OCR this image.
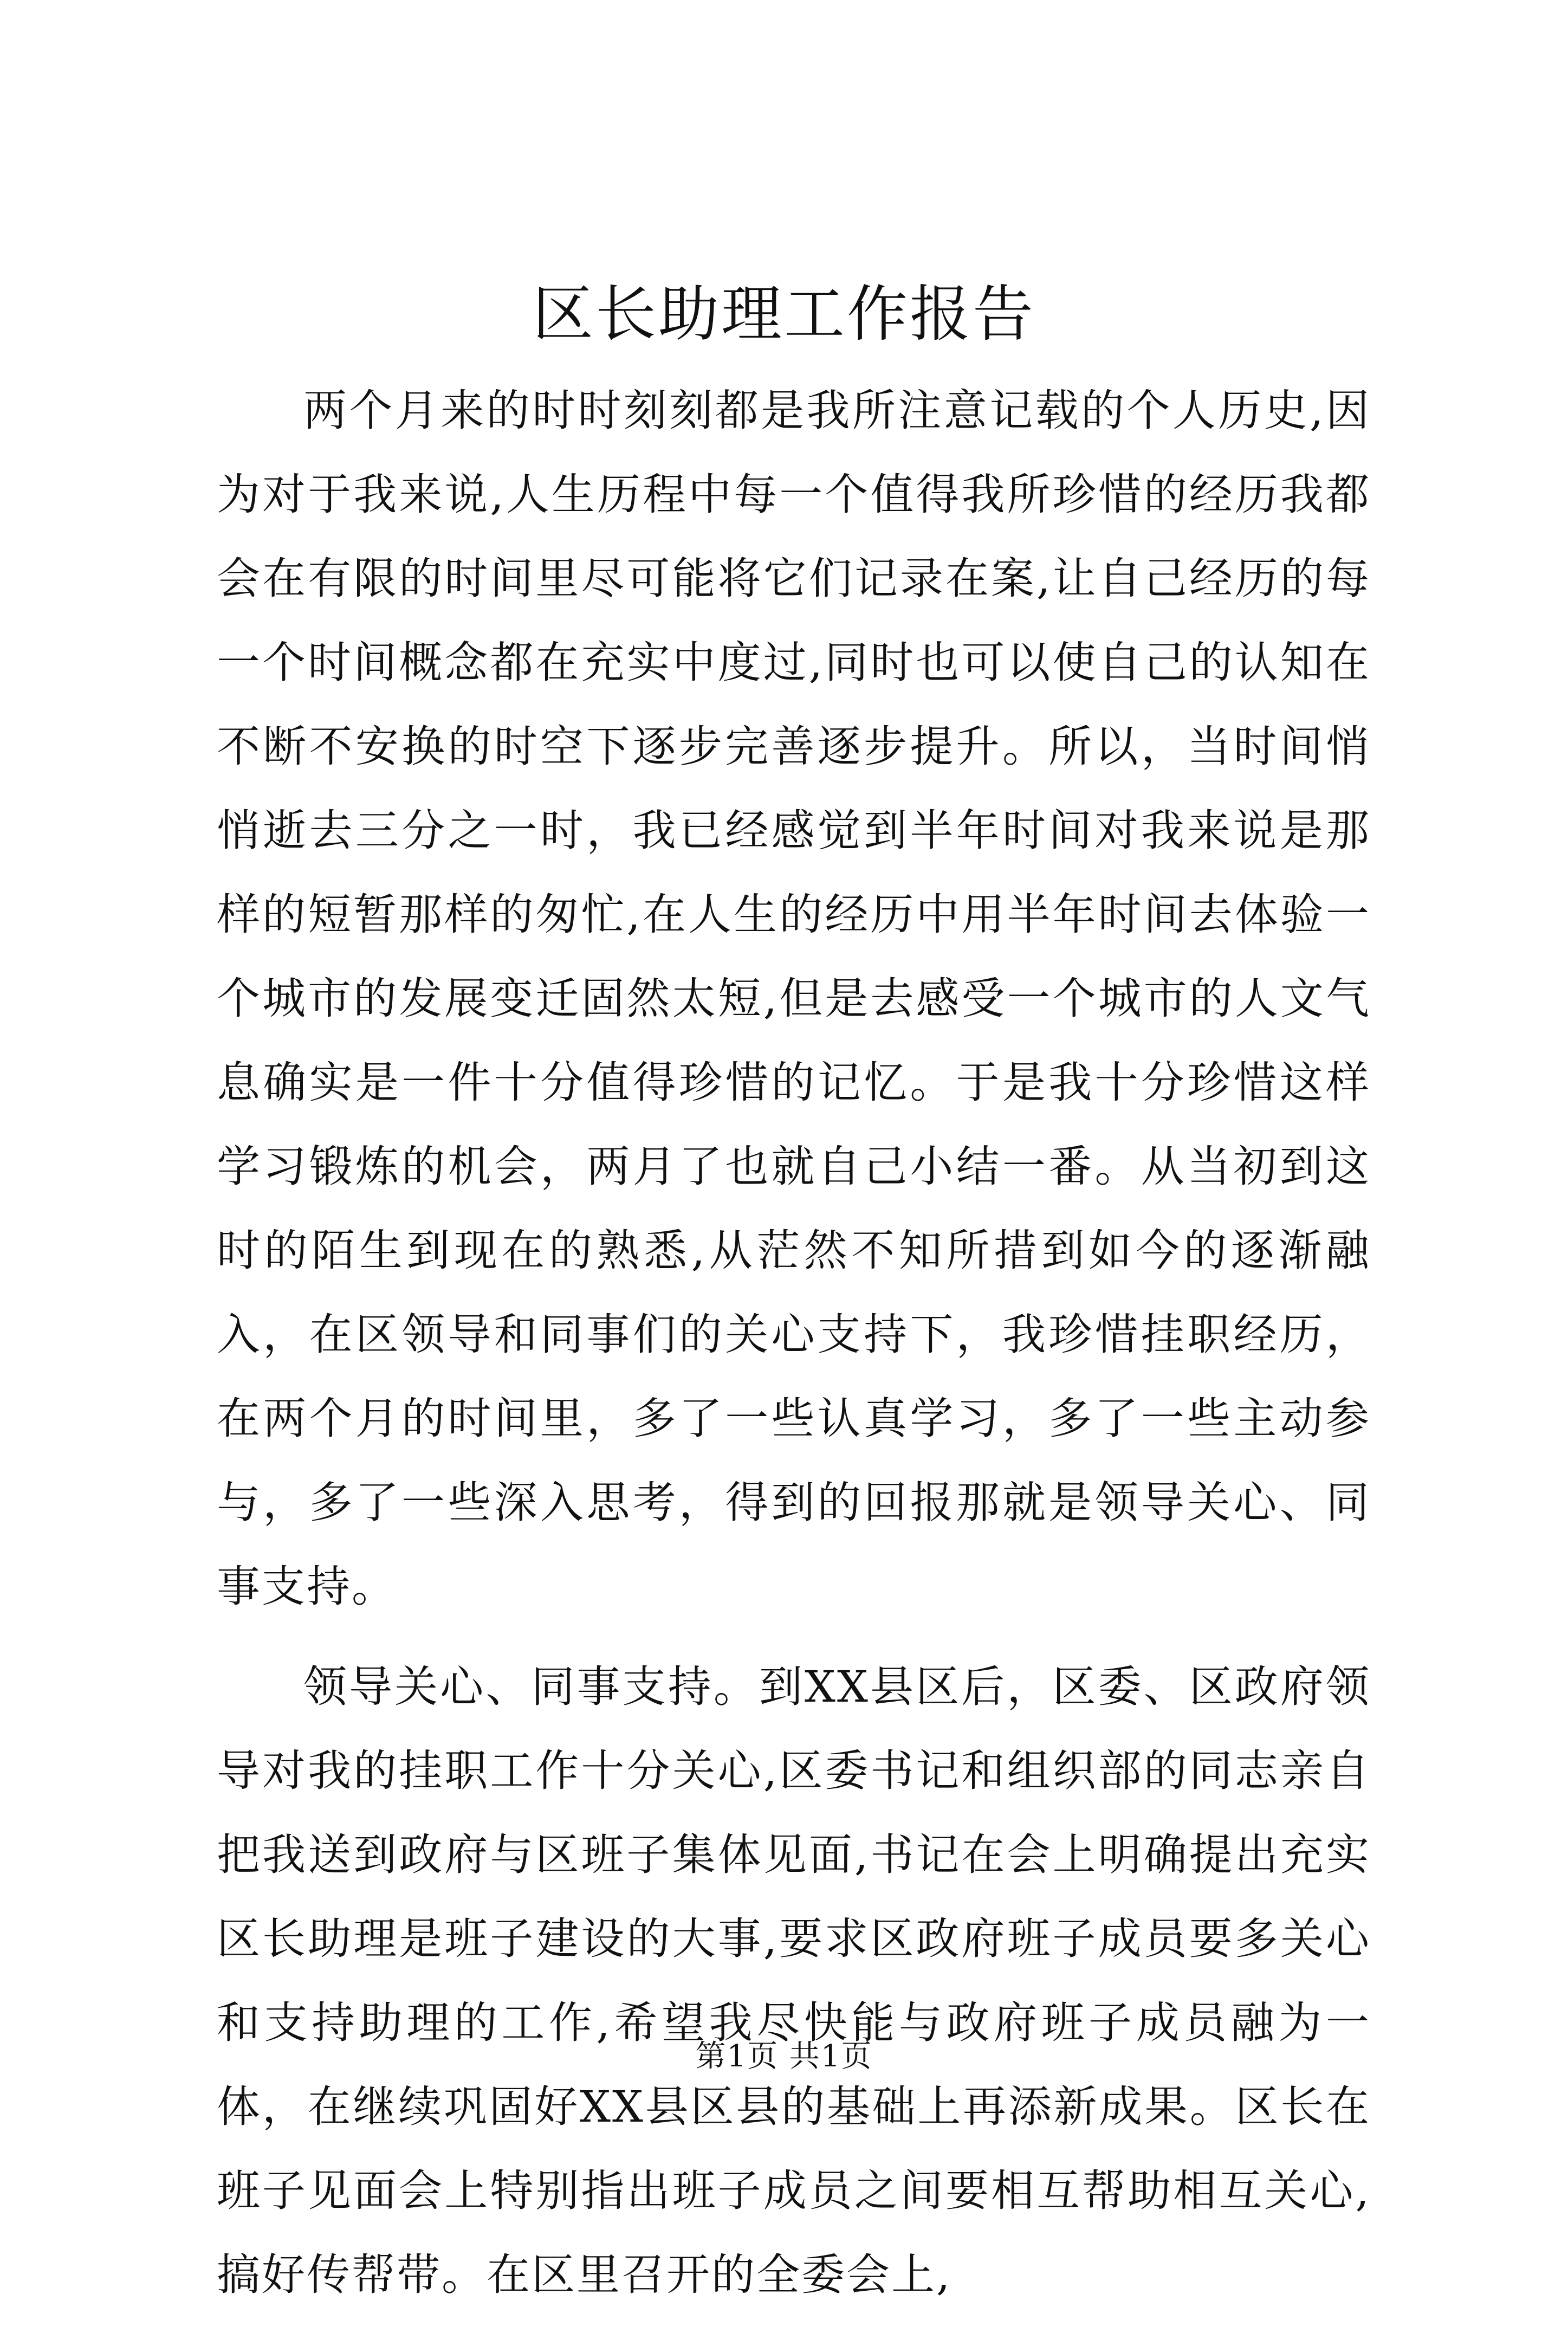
区长助理工作报告

两个月来的时时刻刻都是我所注意记载的个人历史,因为对于我来说,人生历程中每一个值得我所珍惜的经历我都会在有限的时间里尽可能将它们记录在案,让自己经历的每一个时间概念都在充实中度过,同时也可以使自己的认知在不断不安换的时空下逐步完善逐步提升。所以，当时间悄悄逝去三分之一时，我已经感觉到半年时间对我来说是那样的短暂那样的匆忙,在人生的经历中用半年时间去体验一个城市的发展变迁固然太短,但是去感受一个城市的人文气息确实是一件十分值得珍惜的记忆。于是我十分珍惜这样学习锻炼的机会，两月了也就自己小结一番。从当初到这时的陌生到现在的熟悉,从茫然不知所措到如今的逐渐融入，在区领导和同事们的关心支持下，我珍惜挂职经历，在两个月的时间里，多了一些认真学习，多了一些主动参与，多了一些深入思考，得到的回报那就是领导关心、同事支持。

领导关心、同事支持。到XX县区后，区委、区政府领导对我的挂职工作十分关心,区委书记和组织部的同志亲自把我送到政府与区班子集体见面,书记在会上明确提出充实区长助理是班子建设的大事,要求区政府班子成员要多关心和支持助理的工作,希望我尽快能与政府班子成员融为一体，在继续巩固好XX县区县的基础上再添新成果。区长在班子见面会上特别指出班子成员之间要相互帮助相互关心,搞好传帮带。在区里召开的全委会上,

第1页 共1页
